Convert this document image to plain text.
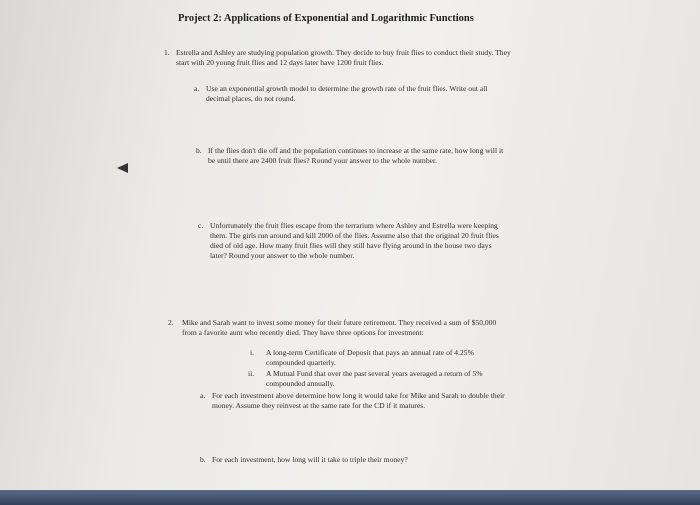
Project 2: Applications of Exponential and Logarithmic Functions
1. Estrella and Ashley are studying population growth. They decide to buy fruit flies to conduct their study. They start with 20 young fruit flies and 12 days later have 1200 fruit flies.
a. Use an exponential growth model to determine the growth rate of the fruit flies. Write out all decimal places, do not round.
b. If the flies don't die off and the population continues to increase at the same rate, how long will it be until there are 2400 fruit flies? Round your answer to the whole number.
c. Unfortunately the fruit flies escape from the terrarium where Ashley and Estrella were keeping them. The girls run around and kill 2000 of the flies. Assume also that the original 20 fruit flies died of old age. How many fruit flies will they still have flying around in the house two days later? Round your answer to the whole number.
2. Mike and Sarah want to invest some money for their future retirement. They received a sum of $50,000 from a favorite aunt who recently died. They have three options for investment:
i. A long-term Certificate of Deposit that pays an annual rate of 4.25% compounded quarterly.
ii. A Mutual Fund that over the past several years averaged a return of 5% compounded annually.
a. For each investment above determine how long it would take for Mike and Sarah to double their money. Assume they reinvest at the same rate for the CD if it matures.
b. For each investment, how long will it take to triple their money?
